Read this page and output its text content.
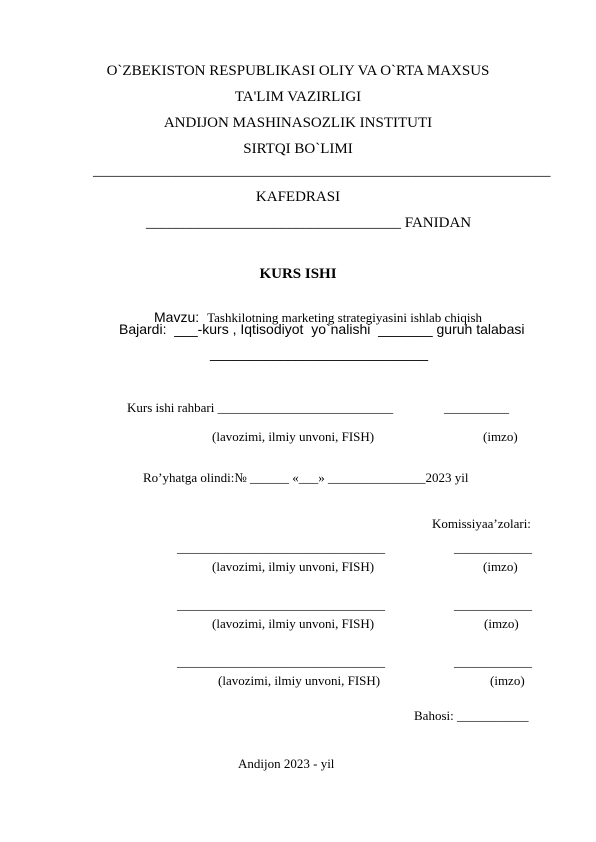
O`ZBEKISTON RESPUBLIKASI OLIY VA O`RTA MAXSUS
TA'LIM VAZIRLIGI
ANDIJON MASHINASOZLIK INSTITUTI
SIRTQI BO`LIMI
_____________________________________________________________
KAFEDRASI
__________________________________ FANIDAN
KURS ISHI

Mavzu: Tashkilotning marketing strategiyasini ishlab chiqish

Bajardi:  ___-kurs , Iqtisodiyot  yo`nalishi  _______ guruh talabasi
____________________________
Kurs ishi rahbari ___________________________	__________
(lavozimi, ilmiy unvoni, FISH)	(imzo)
Ro’yhatga olindi:№ ______ «___» _______________2023 yil
Komissiyaa’zolari:
________________________________	____________
(lavozimi, ilmiy unvoni, FISH)	(imzo)
________________________________	____________
(lavozimi, ilmiy unvoni, FISH)	(imzo)
________________________________	____________
(lavozimi, ilmiy unvoni, FISH)	(imzo)
Bahosi: ___________
Andijon 2023 - yil
